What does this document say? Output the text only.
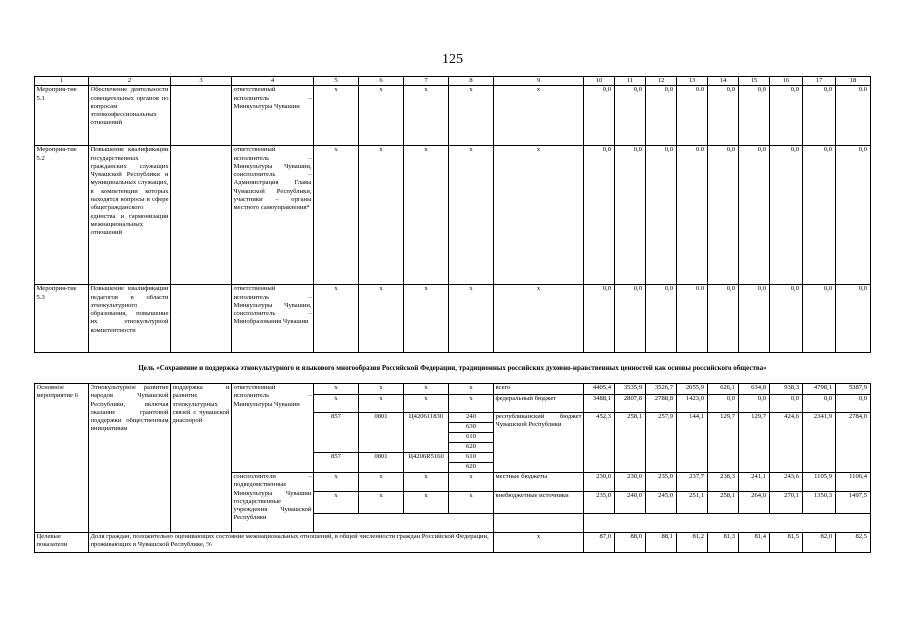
125
1	2	3	4	5	6	7	8	9	10	11	12	13	14	15	16	17	18
Мероприя-тие 5.1	Обеспечение деятельности совещательных органов по вопросам этноконфессиональных отношений		ответственный исполнитель – Минкультуры Чувашии	x	x	x	x	x	0,0	0,0	0,0	0.0	0,0	0,0	0,0	0,0	0.0
Мероприя-тие 5.2	Повышение квалификации государственных гражданских служащих Чувашской Республики и муниципальных служащих, в компетенции которых находятся вопросы в сфере общегражданского единства и гармонизации межнациональных отношений		ответственный исполнитель – Минкультуры Чувашии, соисполнитель – Администрация Главы Чувашской Республики, участники – органы местного самоуправления*	x	x	x	x	x	0,0	0,0	0,0	0.0	0,0	0,0	0,0	0,0	0,0
Мероприя-тие 5.3	Повышение квалификации педагогов в области этнокультурного образования, повышение их этнокультурной компетентности		ответственный исполнитель – Минкультуры Чувашии, соисполнитель – Минобразования Чувашии	x	x	x	x	x	0,0	0,0	0,0	0.0	0,0	0,0	0,0	0,0	0,0
Цель «Сохранение и поддержка этнокультурного и языкового многообразия Российской Федерации, традиционных российских духовно-нравственных ценностей как основы российского общества»
Основное мероприятие 6	Этнокультурное развитие народов Чувашской Республики, включая оказание грантовой поддержки общественным инициативам	поддержка и развитие этнокультурных связей с чувашской диаспорой	ответственный исполнитель – Минкультуры Чувашии	x	x	x	x	всего	4405,4	3535,9	3526,7	2055,9	626,1	634,8	938,3	4798,1	5387,9
				x	x	x	x	федеральный бюджет	3488,1	2807,8	2788,8	1423,0	0,0	0,0	0,0	0,0	0,0
				857	0801	Ц420611830	240	республиканский бюджет Чувашской Республики	452,3	258,1	257,9	144,1	129,7	129,7	424,6	2341,9	2784,0
							630										
							610										
							620										
				857	0801	Ц4206R5160	610										
							620										
			соисполнители – подведомственные Минкультуры Чувашии государственные учреждения Чувашской Республики	x	x	x	x	местные бюджеты	230,0	230,0	235,0	237,7	238,3	241,1	243,6	1105,9	1106,4
				x	x	x	x	внебюджетные источники	235,0	240,0	245,0	251,1	258,1	264,0	270,1	1350,3	1497,5

Целевые показатели	Доля граждан, положительно оценивающих состояние межнациональных отношений, в общей численности граждан Российской Федерации, проживающих в Чувашской Республике, %							x	87,0	88,0	88,1	81,2	81,3	81,4	81,5	82,0	82,5
